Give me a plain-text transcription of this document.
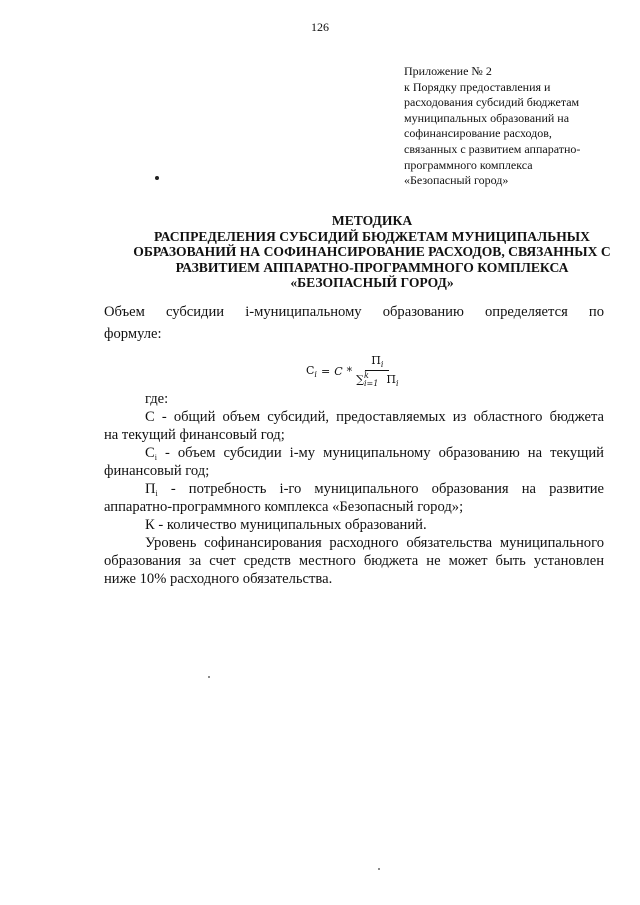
126
Приложение № 2
к Порядку предоставления и
расходования субсидий бюджетам
муниципальных образований на
софинансирование расходов,
связанных с развитием аппаратно-
программного комплекса
«Безопасный город»
МЕТОДИКА
РАСПРЕДЕЛЕНИЯ СУБСИДИЙ БЮДЖЕТАМ МУНИЦИПАЛЬНЫХ
ОБРАЗОВАНИЙ НА СОФИНАНСИРОВАНИЕ РАСХОДОВ, СВЯЗАННЫХ С
РАЗВИТИЕМ АППАРАТНО-ПРОГРАММНОГО КОМПЛЕКСА
«БЕЗОПАСНЫЙ ГОРОД»
Объем субсидии i-муниципальному образованию определяется по
формуле:
$С_i = C * П_i$
∑ k
i=1 $П_i$
где:
С - общий объем субсидий, предоставляемых из областного бюджета
на текущий финансовый год;
$С_i$ - объем субсидии i-му муниципальному образованию на текущий
финансовый год;
$П_i$ - потребность i-го муниципального образования на развитие
аппаратно-программного комплекса «Безопасный город»;
К - количество муниципальных образований.
Уровень софинансирования расходного обязательства муниципального
образования за счет средств местного бюджета не может быть установлен
ниже 10% расходного обязательства.
